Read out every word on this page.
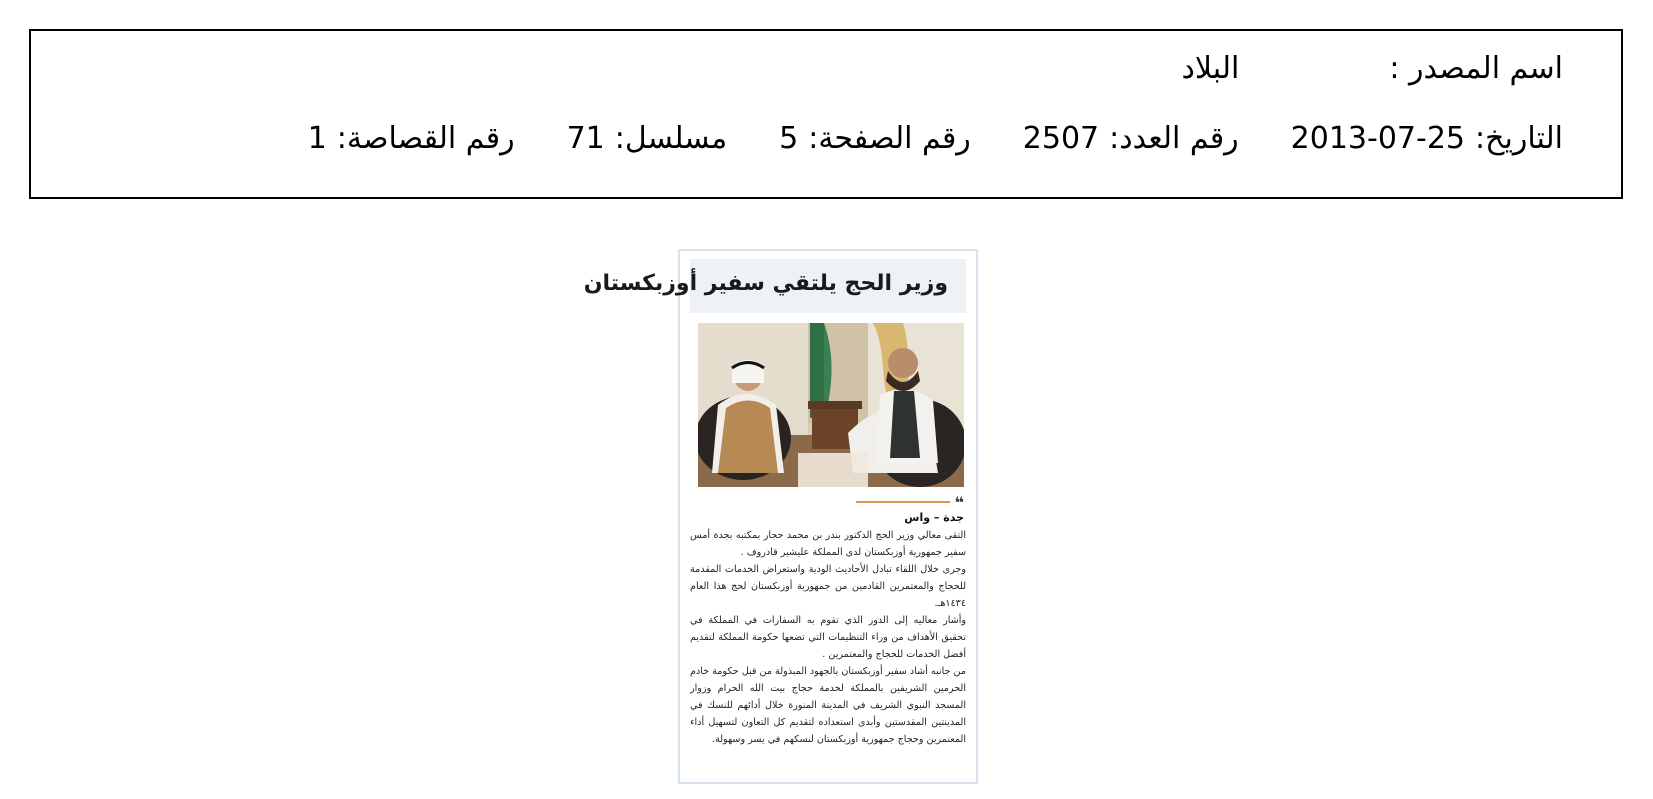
اسم المصدر :
البلاد
التاريخ:
2013-07-25
رقم العدد:
2507
رقم الصفحة:
5
مسلسل:
71
رقم القصاصة:
1
وزير الحج يلتقي سفير أوزبكستان
❝
جدة – واس

التقى معالي وزير الحج الدكتور بندر بن محمد حجار بمكتبه بجدة أمس سفير جمهورية أوزبكستان لدى المملكة عليشير قادروف .

وجرى خلال اللقاء تبادل الأحاديث الودية واستعراض الخدمات المقدمة للحجاج والمعتمرين القادمين من جمهورية أوزبكستان لحج هذا العام ١٤٣٤هـ.

وأشار معاليه إلى الدور الذي تقوم به السفارات في المملكة في تحقيق الأهداف من وراء التنظيمات التي تضعها حكومة المملكة لتقديم أفضل الخدمات للحجاج والمعتمرين .

من جانبه أشاد سفير أوزبكستان بالجهود المبذولة من قبل حكومة خادم الحرمين الشريفين بالمملكة لخدمة حجاج بيت الله الحرام وزوار المسجد النبوي الشريف في المدينة المنورة خلال أدائهم للنسك في المدينتين المقدستين وأبدى استعداده لتقديم كل التعاون لتسهيل أداء المعتمرين وحجاج جمهورية أوزبكستان لنسكهم في يسر وسهولة.
